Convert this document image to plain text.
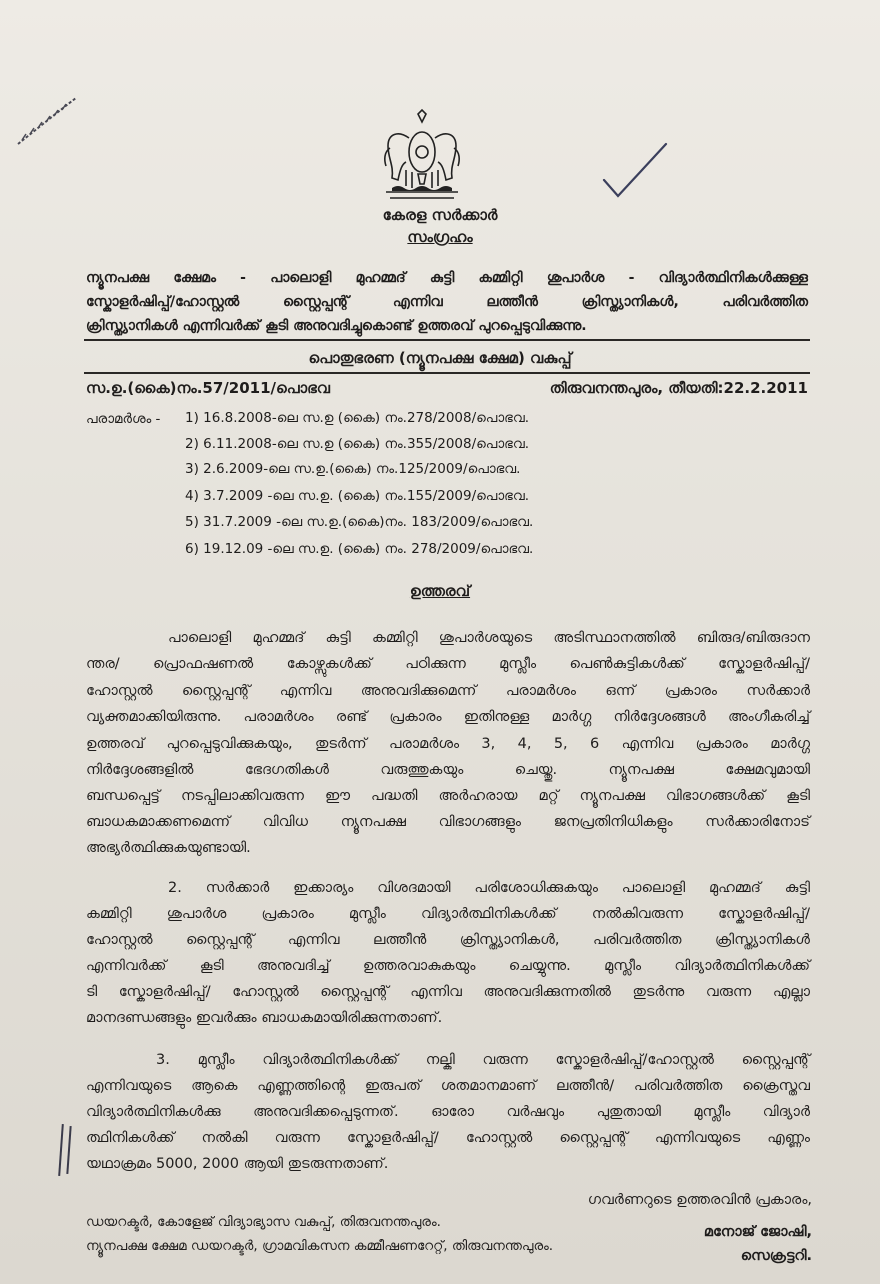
കേരള സർക്കാർ
സംഗ്രഹം
ന്യൂനപക്ഷ ക്ഷേമം - പാലൊളി മുഹമ്മദ് കുട്ടി കമ്മിറ്റി ശുപാർശ - വിദ്യാർത്ഥിനികൾക്കുള്ള
സ്കോളർഷിപ്പ്/ഹോസ്റ്റൽ സ്റ്റൈപ്പന്റ് എന്നിവ ലത്തീൻ ക്രിസ്ത്യാനികൾ, പരിവർത്തിത
ക്രിസ്ത്യാനികൾ എന്നിവർക്ക് കൂടി അനുവദിച്ചുകൊണ്ട് ഉത്തരവ് പുറപ്പെടുവിക്കുന്നു.
പൊതുഭരണ (ന്യൂനപക്ഷ ക്ഷേമ) വകുപ്പ്
സ.ഉ.(കൈ)നം.57/2011/പൊഭവ	തിരുവനന്തപുരം, തീയതി:22.2.2011
പരാമർശം - 1) 16.8.2008-ലെ സ.ഉ (കൈ) നം.278/2008/പൊഭവ.
2) 6.11.2008-ലെ സ.ഉ (കൈ) നം.355/2008/പൊഭവ.
3) 2.6.2009-ലെ സ.ഉ.(കൈ) നം.125/2009/പൊഭവ.
4) 3.7.2009 -ലെ സ.ഉ. (കൈ) നം.155/2009/പൊഭവ.
5) 31.7.2009 -ലെ സ.ഉ.(കൈ)നം. 183/2009/പൊഭവ.
6) 19.12.09 -ലെ സ.ഉ. (കൈ) നം. 278/2009/പൊഭവ.
ഉത്തരവ്
പാലൊളി മുഹമ്മദ് കുട്ടി കമ്മിറ്റി ശുപാർശയുടെ അടിസ്ഥാനത്തിൽ ബിരുദ/ബിരുദാന
ന്തര/ പ്രൊഫഷണൽ കോഴ്സുകൾക്ക് പഠിക്കുന്ന മുസ്ലീം പെൺകുട്ടികൾക്ക് സ്കോളർഷിപ്പ്/
ഹോസ്റ്റൽ സ്റ്റൈപ്പന്റ് എന്നിവ അനുവദിക്കുമെന്ന് പരാമർശം ഒന്ന് പ്രകാരം സർക്കാർ
വ്യക്തമാക്കിയിരുന്നു. പരാമർശം രണ്ട് പ്രകാരം ഇതിനുള്ള മാർഗ്ഗ നിർദ്ദേശങ്ങൾ അംഗീകരിച്ച്
ഉത്തരവ് പുറപ്പെടുവിക്കുകയും, തുടർന്ന് പരാമർശം 3, 4, 5, 6 എന്നിവ പ്രകാരം മാർഗ്ഗ
നിർദ്ദേശങ്ങളിൽ ഭേദഗതികൾ വരുത്തുകയും ചെയ്തു. ന്യൂനപക്ഷ ക്ഷേമവുമായി
ബന്ധപ്പെട്ട് നടപ്പിലാക്കിവരുന്ന ഈ പദ്ധതി അർഹരായ മറ്റ് ന്യൂനപക്ഷ വിഭാഗങ്ങൾക്ക് കൂടി
ബാധകമാക്കണമെന്ന് വിവിധ ന്യൂനപക്ഷ വിഭാഗങ്ങളും ജനപ്രതിനിധികളും സർക്കാരിനോട്
അഭ്യർത്ഥിക്കുകയുണ്ടായി.
2. സർക്കാർ ഇക്കാര്യം വിശദമായി പരിശോധിക്കുകയും പാലൊളി മുഹമ്മദ് കുട്ടി
കമ്മിറ്റി ശുപാർശ പ്രകാരം മുസ്ലീം വിദ്യാർത്ഥിനികൾക്ക് നൽകിവരുന്ന സ്കോളർഷിപ്പ്/
ഹോസ്റ്റൽ സ്റ്റൈപ്പന്റ് എന്നിവ ലത്തീൻ ക്രിസ്ത്യാനികൾ, പരിവർത്തിത ക്രിസ്ത്യാനികൾ
എന്നിവർക്ക് കൂടി അനുവദിച്ച് ഉത്തരവാകുകയും ചെയ്യുന്നു. മുസ്ലീം വിദ്യാർത്ഥിനികൾക്ക്
ടി സ്കോളർഷിപ്പ്/ ഹോസ്റ്റൽ സ്റ്റൈപ്പന്റ് എന്നിവ അനുവദിക്കുന്നതിൽ തുടർന്നു വരുന്ന എല്ലാ
മാനദണ്ഡങ്ങളും ഇവർക്കും ബാധകമായിരിക്കുന്നതാണ്.
3. മുസ്ലീം വിദ്യാർത്ഥിനികൾക്ക് നല്കി വരുന്ന സ്കോളർഷിപ്പ്/ഹോസ്റ്റൽ സ്റ്റൈപ്പന്റ്
എന്നിവയുടെ ആകെ എണ്ണത്തിന്റെ ഇരുപത് ശതമാനമാണ് ലത്തീൻ/ പരിവർത്തിത ക്രൈസ്തവ
വിദ്യാർത്ഥിനികൾക്കു അനുവദിക്കപ്പെടുന്നത്. ഓരോ വർഷവും പുതുതായി മുസ്ലീം വിദ്യാർ
ത്ഥിനികൾക്ക് നൽകി വരുന്ന സ്കോളർഷിപ്പ്/ ഹോസ്റ്റൽ സ്റ്റൈപ്പന്റ് എന്നിവയുടെ എണ്ണം
യഥാക്രമം 5000, 2000 ആയി തുടരുന്നതാണ്.
ഗവർണറുടെ ഉത്തരവിൻ പ്രകാരം,
മനോജ് ജോഷി,
സെക്രട്ടറി.
ഡയറക്ടർ, കോളേജ് വിദ്യാഭ്യാസ വകുപ്പ്, തിരുവനന്തപുരം.
ന്യൂനപക്ഷ ക്ഷേമ ഡയറക്ടർ, ഗ്രാമവികസന കമ്മീഷണറേറ്റ്, തിരുവനന്തപുരം.
